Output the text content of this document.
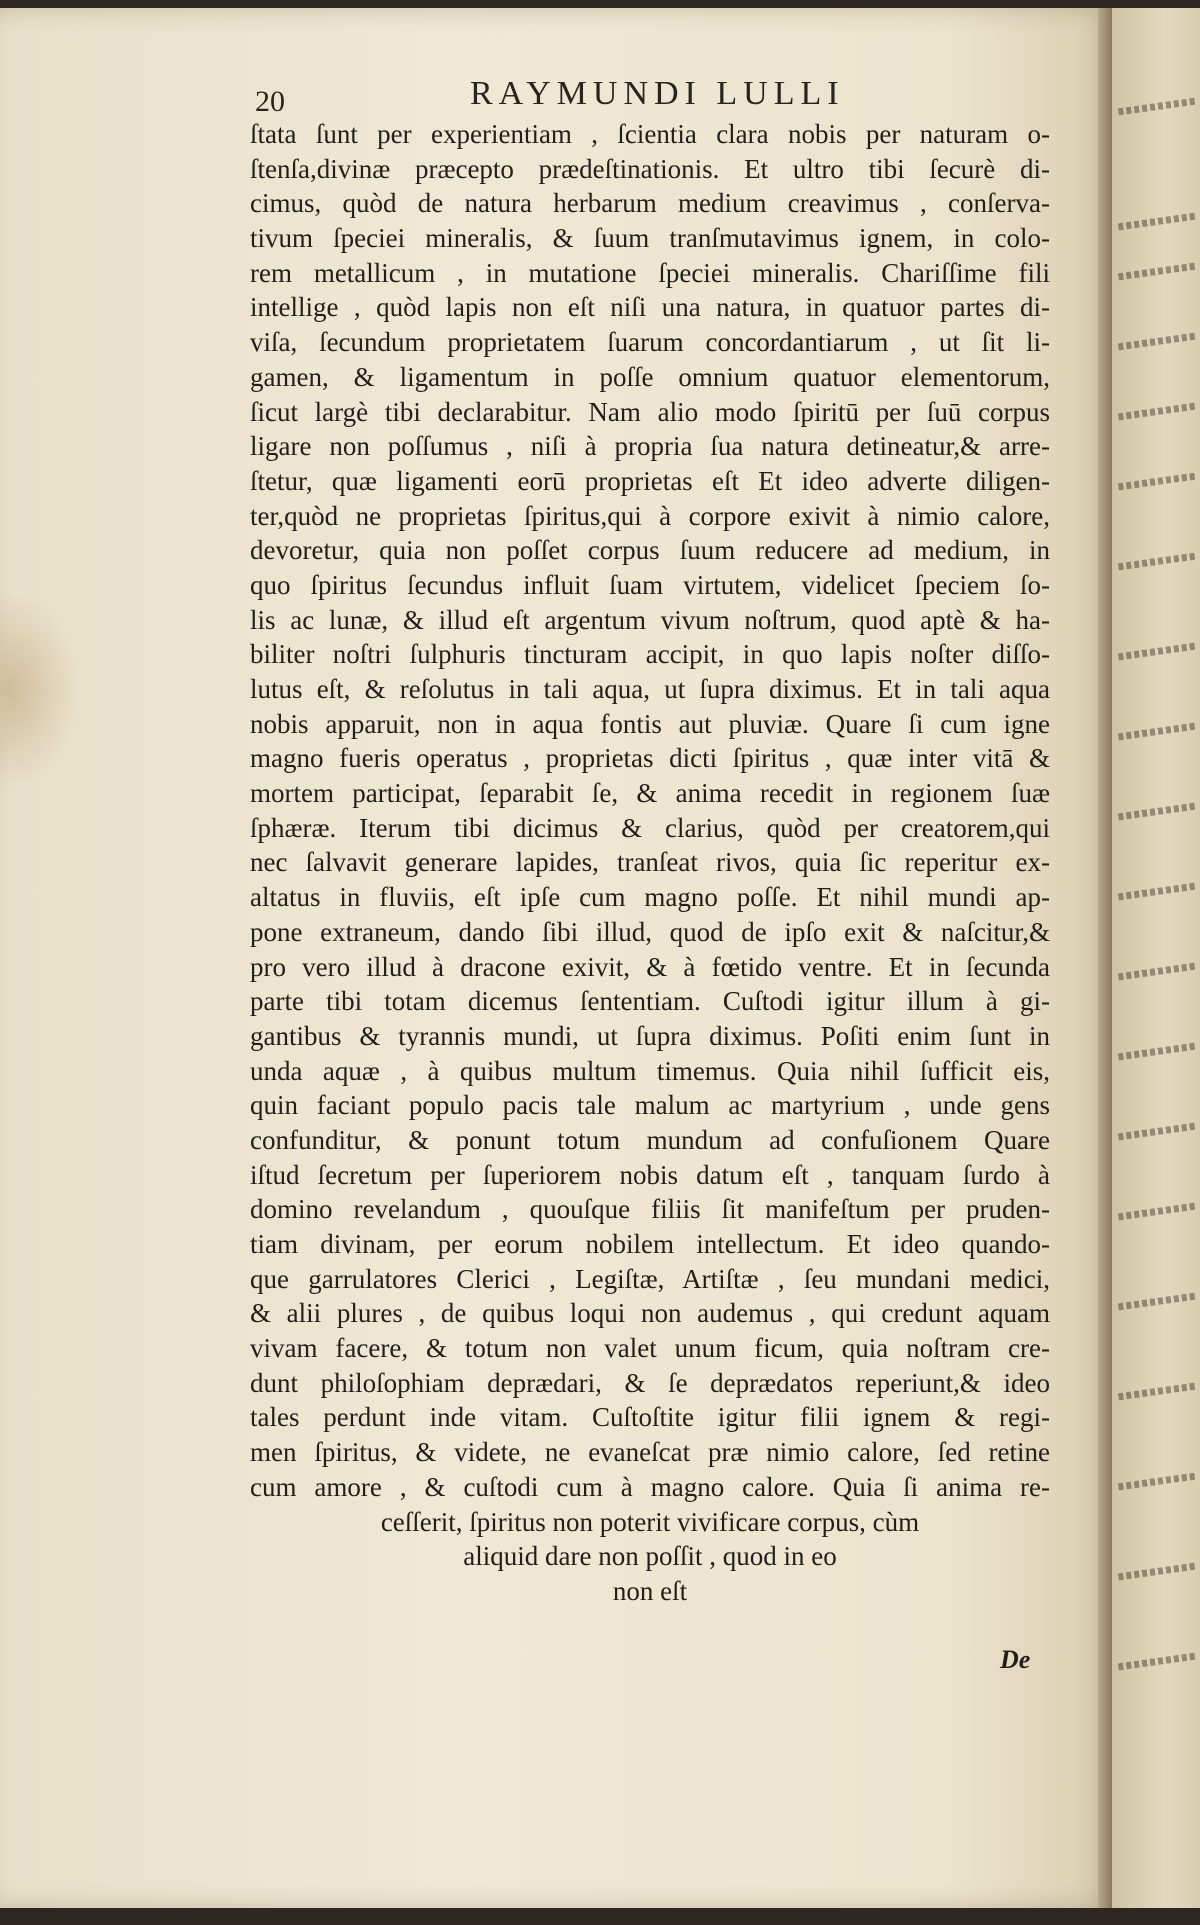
20	RAYMUNDI LULLI
ſtata ſunt per experientiam , ſcientia clara nobis per naturam o-
ſtenſa,divinæ præcepto prædeſtinationis. Et ultro tibi ſecurè di-
cimus, quòd de natura herbarum medium creavimus , conſerva-
tivum ſpeciei mineralis, & ſuum tranſmutavimus ignem, in colo-
rem metallicum , in mutatione ſpeciei mineralis. Chariſſime fili
intellige , quòd lapis non eſt niſi una natura, in quatuor partes di-
viſa, ſecundum proprietatem ſuarum concordantiarum , ut ſit li-
gamen, & ligamentum in poſſe omnium quatuor elementorum,
ſicut largè tibi declarabitur. Nam alio modo ſpiritū per ſuū corpus
ligare non poſſumus , niſi à propria ſua natura detineatur,& arre-
ſtetur, quæ ligamenti eorū proprietas eſt Et ideo adverte diligen-
ter,quòd ne proprietas ſpiritus,qui à corpore exivit à nimio calore,
devoretur, quia non poſſet corpus ſuum reducere ad medium, in
quo ſpiritus ſecundus influit ſuam virtutem, videlicet ſpeciem ſo-
lis ac lunæ, & illud eſt argentum vivum noſtrum, quod aptè & ha-
biliter noſtri ſulphuris tincturam accipit, in quo lapis noſter diſſo-
lutus eſt, & reſolutus in tali aqua, ut ſupra diximus. Et in tali aqua
nobis apparuit, non in aqua fontis aut pluviæ. Quare ſi cum igne
magno fueris operatus , proprietas dicti ſpiritus , quæ inter vitā &
mortem participat, ſeparabit ſe, & anima recedit in regionem ſuæ
ſphæræ. Iterum tibi dicimus & clarius, quòd per creatorem,qui
nec ſalvavit generare lapides, tranſeat rivos, quia ſic reperitur ex-
altatus in fluviis, eſt ipſe cum magno poſſe. Et nihil mundi ap-
pone extraneum, dando ſibi illud, quod de ipſo exit & naſcitur,&
pro vero illud à dracone exivit, & à fœtido ventre. Et in ſecunda
parte tibi totam dicemus ſententiam. Cuſtodi igitur illum à gi-
gantibus & tyrannis mundi, ut ſupra diximus. Poſiti enim ſunt in
unda aquæ , à quibus multum timemus. Quia nihil ſufficit eis,
quin faciant populo pacis tale malum ac martyrium , unde gens
confunditur, & ponunt totum mundum ad confuſionem Quare
iſtud ſecretum per ſuperiorem nobis datum eſt , tanquam ſurdo à
domino revelandum , quouſque filiis ſit manifeſtum per pruden-
tiam divinam, per eorum nobilem intellectum. Et ideo quando-
que garrulatores Clerici , Legiſtæ, Artiſtæ , ſeu mundani medici,
& alii plures , de quibus loqui non audemus , qui credunt aquam
vivam facere, & totum non valet unum ficum, quia noſtram cre-
dunt philoſophiam deprædari, & ſe deprædatos reperiunt,& ideo
tales perdunt inde vitam. Cuſtoſtite igitur filii ignem & regi-
men ſpiritus, & videte, ne evaneſcat præ nimio calore, ſed retine
cum amore , & cuſtodi cum à magno calore. Quia ſi anima re-
ceſſerit, ſpiritus non poterit vivificare corpus, cùm
aliquid dare non poſſit , quod in eo
non eſt
De
